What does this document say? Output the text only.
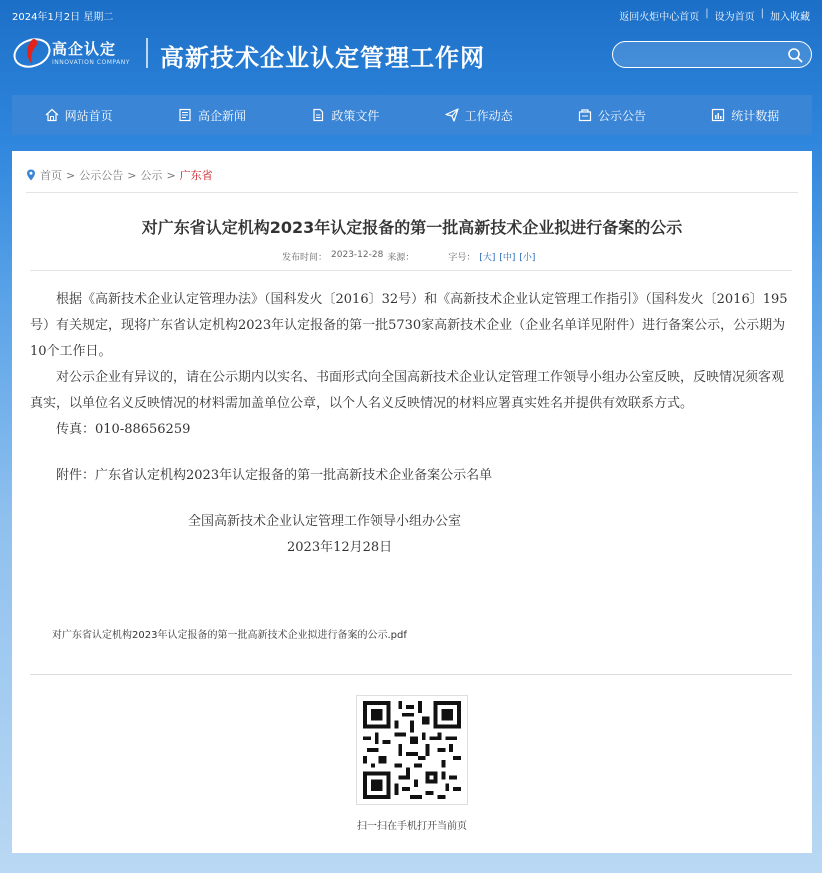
2024年1月2日 星期二	返回火炬中心首页 | 设为首页 | 加入收藏
高企认定
INNOVATION COMPANY 高新技术企业认定管理工作网
网站首页	高企新闻	政策文件	工作动态	公示公告	统计数据
首页 > 公示公告 > 公示 > 广东省
对广东省认定机构2023年认定报备的第一批高新技术企业拟进行备案的公示
发布时间： 2023-12-28 来源：	字号： [大] [中] [小]

根据《高新技术企业认定管理办法》（国科发火〔2016〕32号）和《高新技术企业认定管理工作指引》（国科发火〔2016〕195号）有关规定，现将广东省认定机构2023年认定报备的第一批5730家高新技术企业（企业名单详见附件）进行备案公示，公示期为10个工作日。

对公示企业有异议的，请在公示期内以实名、书面形式向全国高新技术企业认定管理工作领导小组办公室反映，反映情况须客观真实，以单位名义反映情况的材料需加盖单位公章，以个人名义反映情况的材料应署真实姓名并提供有效联系方式。

传真：010-88656259

附件：广东省认定机构2023年认定报备的第一批高新技术企业备案公示名单

全国高新技术企业认定管理工作领导小组办公室

2023年12月28日

对广东省认定机构2023年认定报备的第一批高新技术企业拟进行备案的公示.pdf
扫一扫在手机打开当前页
